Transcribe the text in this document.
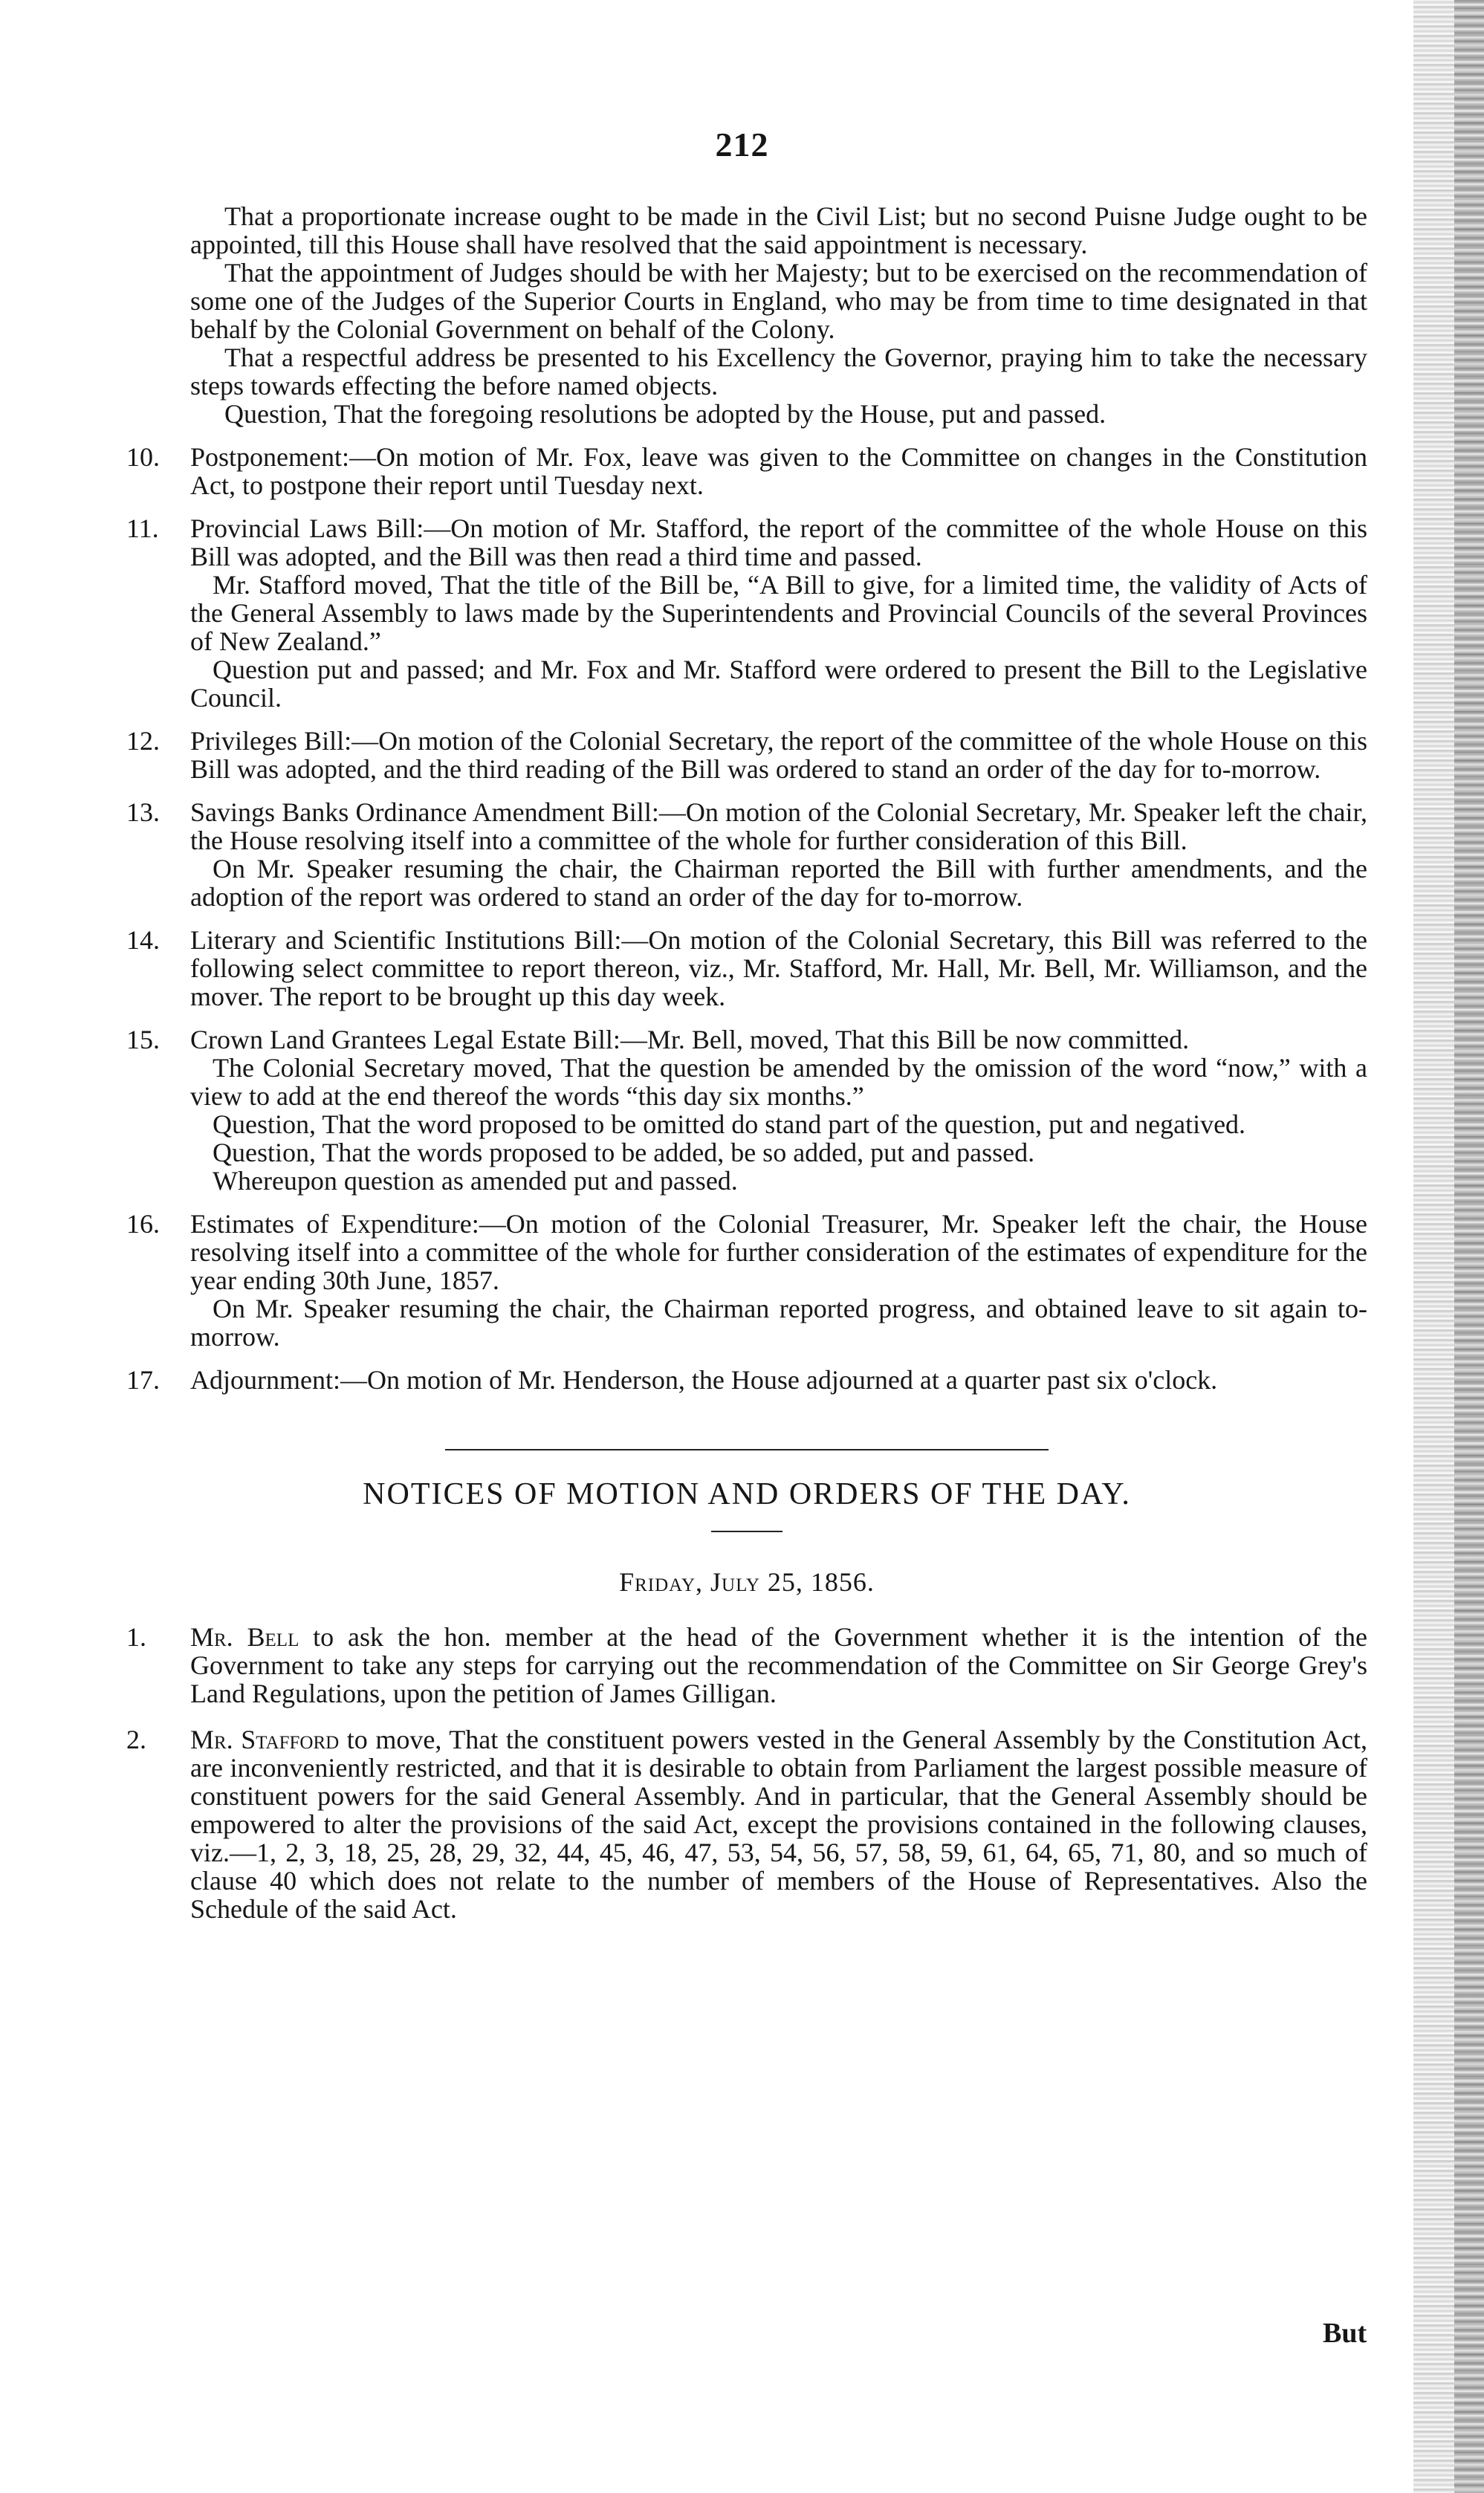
212

That a proportionate increase ought to be made in the Civil List; but no second Puisne Judge ought to be appointed, till this House shall have resolved that the said appointment is necessary.

That the appointment of Judges should be with her Majesty; but to be exercised on the recommendation of some one of the Judges of the Superior Courts in England, who may be from time to time designated in that behalf by the Colonial Government on behalf of the Colony.

That a respectful address be presented to his Excellency the Governor, praying him to take the necessary steps towards effecting the before named objects.

Question, That the foregoing resolutions be adopted by the House, put and passed.

10.	Postponement:—On motion of Mr. Fox, leave was given to the Committee on changes in the Constitution Act, to postpone their report until Tuesday next.

11.	Provincial Laws Bill:—On motion of Mr. Stafford, the report of the committee of the whole House on this Bill was adopted, and the Bill was then read a third time and passed.

Mr. Stafford moved, That the title of the Bill be, “A Bill to give, for a limited time, the validity of Acts of the General Assembly to laws made by the Superintendents and Provincial Councils of the several Provinces of New Zealand.”

Question put and passed; and Mr. Fox and Mr. Stafford were ordered to present the Bill to the Legislative Council.

12.	Privileges Bill:—On motion of the Colonial Secretary, the report of the committee of the whole House on this Bill was adopted, and the third reading of the Bill was ordered to stand an order of the day for to-morrow.

13.	Savings Banks Ordinance Amendment Bill:—On motion of the Colonial Secretary, Mr. Speaker left the chair, the House resolving itself into a committee of the whole for further consideration of this Bill.

On Mr. Speaker resuming the chair, the Chairman reported the Bill with further amendments, and the adoption of the report was ordered to stand an order of the day for to-morrow.

14.	Literary and Scientific Institutions Bill:—On motion of the Colonial Secretary, this Bill was referred to the following select committee to report thereon, viz., Mr. Stafford, Mr. Hall, Mr. Bell, Mr. Williamson, and the mover. The report to be brought up this day week.

15.	Crown Land Grantees Legal Estate Bill:—Mr. Bell, moved, That this Bill be now committed.

The Colonial Secretary moved, That the question be amended by the omission of the word “now,” with a view to add at the end thereof the words “this day six months.”

Question, That the word proposed to be omitted do stand part of the question, put and negatived.

Question, That the words proposed to be added, be so added, put and passed.

Whereupon question as amended put and passed.

16.	Estimates of Expenditure:—On motion of the Colonial Treasurer, Mr. Speaker left the chair, the House resolving itself into a committee of the whole for further consideration of the estimates of expenditure for the year ending 30th June, 1857.

On Mr. Speaker resuming the chair, the Chairman reported progress, and obtained leave to sit again to-morrow.

17.	Adjournment:—On motion of Mr. Henderson, the House adjourned at a quarter past six o'clock.

NOTICES OF MOTION AND ORDERS OF THE DAY.
Friday, July 25, 1856.
1.	Mr. Bell to ask the hon. member at the head of the Government whether it is the intention of the Government to take any steps for carrying out the recommendation of the Committee on Sir George Grey's Land Regulations, upon the petition of James Gilligan.

2.	Mr. Stafford to move, That the constituent powers vested in the General Assembly by the Constitution Act, are inconveniently restricted, and that it is desirable to obtain from Parliament the largest possible measure of constituent powers for the said General Assembly. And in particular, that the General Assembly should be empowered to alter the provisions of the said Act, except the provisions contained in the following clauses, viz.—1, 2, 3, 18, 25, 28, 29, 32, 44, 45, 46, 47, 53, 54, 56, 57, 58, 59, 61, 64, 65, 71, 80, and so much of clause 40 which does not relate to the number of members of the House of Representatives. Also the Schedule of the said Act.

But
